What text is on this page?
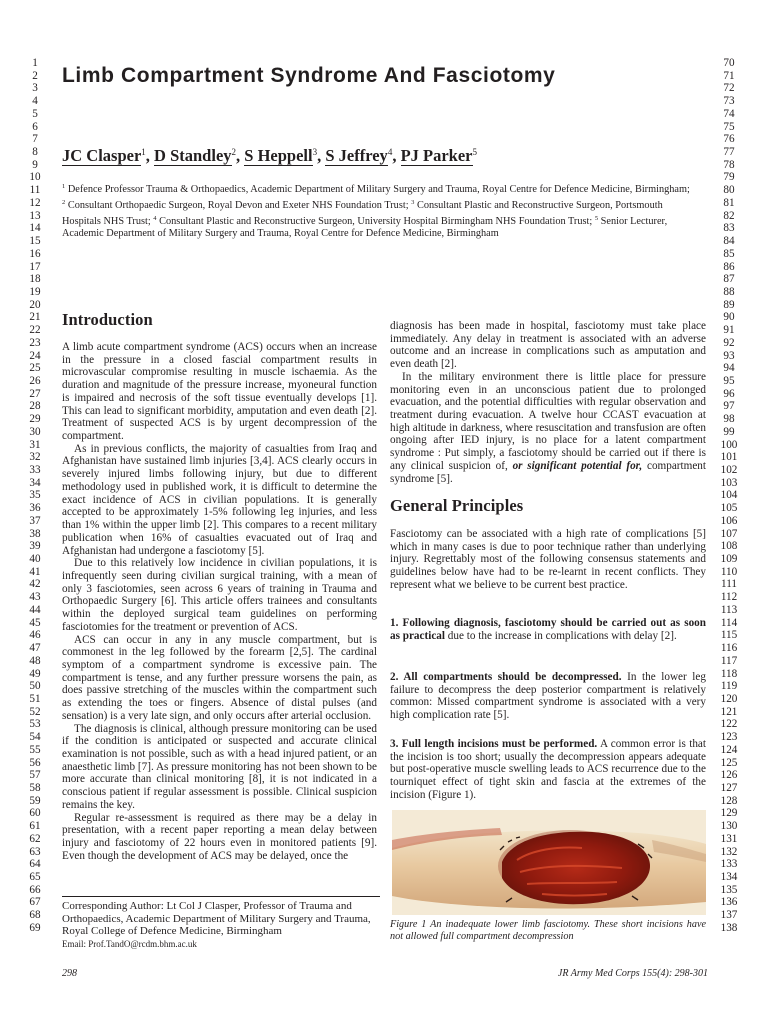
1
2
3
4
5
6
7
8
9
10
11
12
13
14
15
16
17
18
19
20
21
22
23
24
25
26
27
28
29
30
31
32
33
34
35
36
37
38
39
40
41
42
43
44
45
46
47
48
49
50
51
52
53
54
55
56
57
58
59
60
61
62
63
64
65
66
67
68
69
70
71
72
73
74
75
76
77
78
79
80
81
82
83
84
85
86
87
88
89
90
91
92
93
94
95
96
97
98
99
100
101
102
103
104
105
106
107
108
109
110
111
112
113
114
115
116
117
118
119
120
121
122
123
124
125
126
127
128
129
130
131
132
133
134
135
136
137
138
Limb Compartment Syndrome And Fasciotomy
JC Clasper$^1$, D Standley$^2$, S Heppell$^3$, S Jeffrey$^4$, PJ Parker$^5$
$^1$ Defence Professor Trauma & Orthopaedics, Academic Department of Military Surgery and Trauma, Royal Centre for Defence Medicine, Birmingham; $^2$ Consultant Orthopaedic Surgeon, Royal Devon and Exeter NHS Foundation Trust; $^3$ Consultant Plastic and Reconstructive Surgeon, Portsmouth Hospitals NHS Trust; $^4$ Consultant Plastic and Reconstructive Surgeon, University Hospital Birmingham NHS Foundation Trust; $^5$ Senior Lecturer, Academic Department of Military Surgery and Trauma, Royal Centre for Defence Medicine, Birmingham
Introduction

A limb acute compartment syndrome (ACS) occurs when an increase in the pressure in a closed fascial compartment results in microvascular compromise resulting in muscle ischaemia. As the duration and magnitude of the pressure increase, myoneural function is impaired and necrosis of the soft tissue eventually develops [1]. This can lead to significant morbidity, amputation and even death [2]. Treatment of suspected ACS is by urgent decompression of the compartment.

As in previous conflicts, the majority of casualties from Iraq and Afghanistan have sustained limb injuries [3,4]. ACS clearly occurs in severely injured limbs following injury, but due to different methodology used in published work, it is difficult to determine the exact incidence of ACS in civilian populations. It is generally accepted to be approximately 1-5% following leg injuries, and less than 1% within the upper limb [2]. This compares to a recent military publication when 16% of casualties evacuated out of Iraq and Afghanistan had undergone a fasciotomy [5].

Due to this relatively low incidence in civilian populations, it is infrequently seen during civilian surgical training, with a mean of only 3 fasciotomies, seen across 6 years of training in Trauma and Orthopaedic Surgery [6]. This article offers trainees and consultants within the deployed surgical team guidelines on performing fasciotomies for the treatment or prevention of ACS.

ACS can occur in any in any muscle compartment, but is commonest in the leg followed by the forearm [2,5]. The cardinal symptom of a compartment syndrome is excessive pain. The compartment is tense, and any further pressure worsens the pain, as does passive stretching of the muscles within the compartment such as extending the toes or fingers. Absence of distal pulses (and sensation) is a very late sign, and only occurs after arterial occlusion.

The diagnosis is clinical, although pressure monitoring can be used if the condition is anticipated or suspected and accurate clinical examination is not possible, such as with a head injured patient, or an anaesthetic limb [7]. As pressure monitoring has not been shown to be more accurate than clinical monitoring [8], it is not indicated in a conscious patient if regular assessment is possible. Clinical suspicion remains the key.

Regular re-assessment is required as there may be a delay in presentation, with a recent paper reporting a mean delay between injury and fasciotomy of 22 hours even in monitored patients [9]. Even though the development of ACS may be delayed, once the

Corresponding Author: Lt Col J Clasper, Professor of Trauma and Orthopaedics, Academic Department of Military Surgery and Trauma, Royal College of Defence Medicine, Birmingham
Email: Prof.TandO@rcdm.bhm.ac.uk

diagnosis has been made in hospital, fasciotomy must take place immediately. Any delay in treatment is associated with an adverse outcome and an increase in complications such as amputation and even death [2].

In the military environment there is little place for pressure monitoring even in an unconscious patient due to prolonged evacuation, and the potential difficulties with regular observation and treatment during evacuation. A twelve hour CCAST evacuation at high altitude in darkness, where resuscitation and transfusion are often ongoing after IED injury, is no place for a latent compartment syndrome : Put simply, a fasciotomy should be carried out if there is any clinical suspicion of, or significant potential for, compartment syndrome [5].

General Principles
Fasciotomy can be associated with a high rate of complications [5] which in many cases is due to poor technique rather than underlying injury. Regrettably most of the following consensus statements and guidelines below have had to be re-learnt in recent conflicts. They represent what we believe to be current best practice.
1. Following diagnosis, fasciotomy should be carried out as soon as practical due to the increase in complications with delay [2].
2. All compartments should be decompressed. In the lower leg failure to decompress the deep posterior compartment is relatively common: Missed compartment syndrome is associated with a very high complication rate [5].
3. Full length incisions must be performed. A common error is that the incision is too short; usually the decompression appears adequate but post-operative muscle swelling leads to ACS recurrence due to the tourniquet effect of tight skin and fascia at the extremes of the incision (Figure 1).
Figure 1 An inadequate lower limb fasciotomy. These short incisions have not allowed full compartment decompression
298	JR Army Med Corps 155(4): 298-301
